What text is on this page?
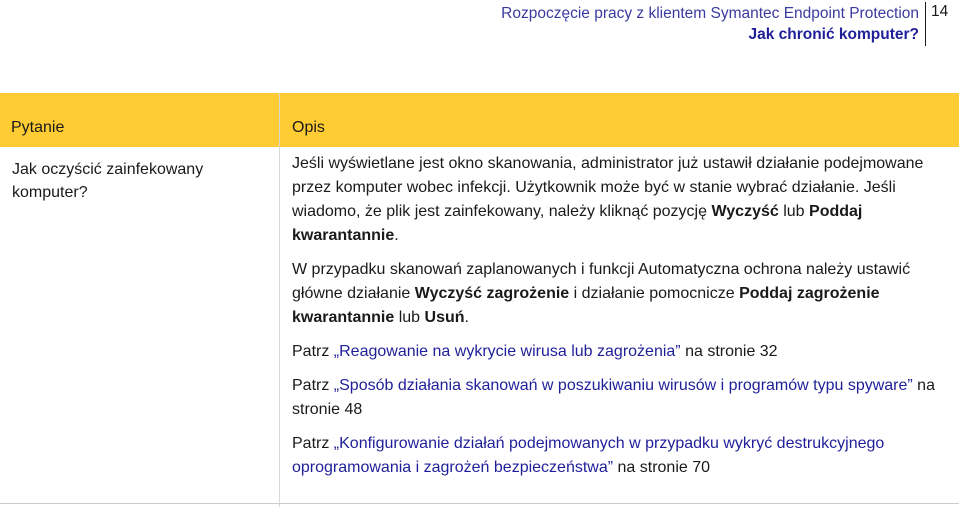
Rozpoczęcie pracy z klientem Symantec Endpoint Protection
Jak chronić komputer?
14
Pytanie	Opis
Jak oczyścić zainfekowany komputer?

Jeśli wyświetlane jest okno skanowania, administrator już ustawił działanie podejmowane przez komputer wobec infekcji. Użytkownik może być w stanie wybrać działanie. Jeśli wiadomo, że plik jest zainfekowany, należy kliknąć pozycję Wyczyść lub Poddaj kwarantannie.

W przypadku skanowań zaplanowanych i funkcji Automatyczna ochrona należy ustawić główne działanie Wyczyść zagrożenie i działanie pomocnicze Poddaj zagrożenie kwarantannie lub Usuń.

Patrz „Reagowanie na wykrycie wirusa lub zagrożenia” na stronie 32

Patrz „Sposób działania skanowań w poszukiwaniu wirusów i programów typu spyware” na stronie 48

Patrz „Konfigurowanie działań podejmowanych w przypadku wykryć destrukcyjnego oprogramowania i zagrożeń bezpieczeństwa” na stronie 70
